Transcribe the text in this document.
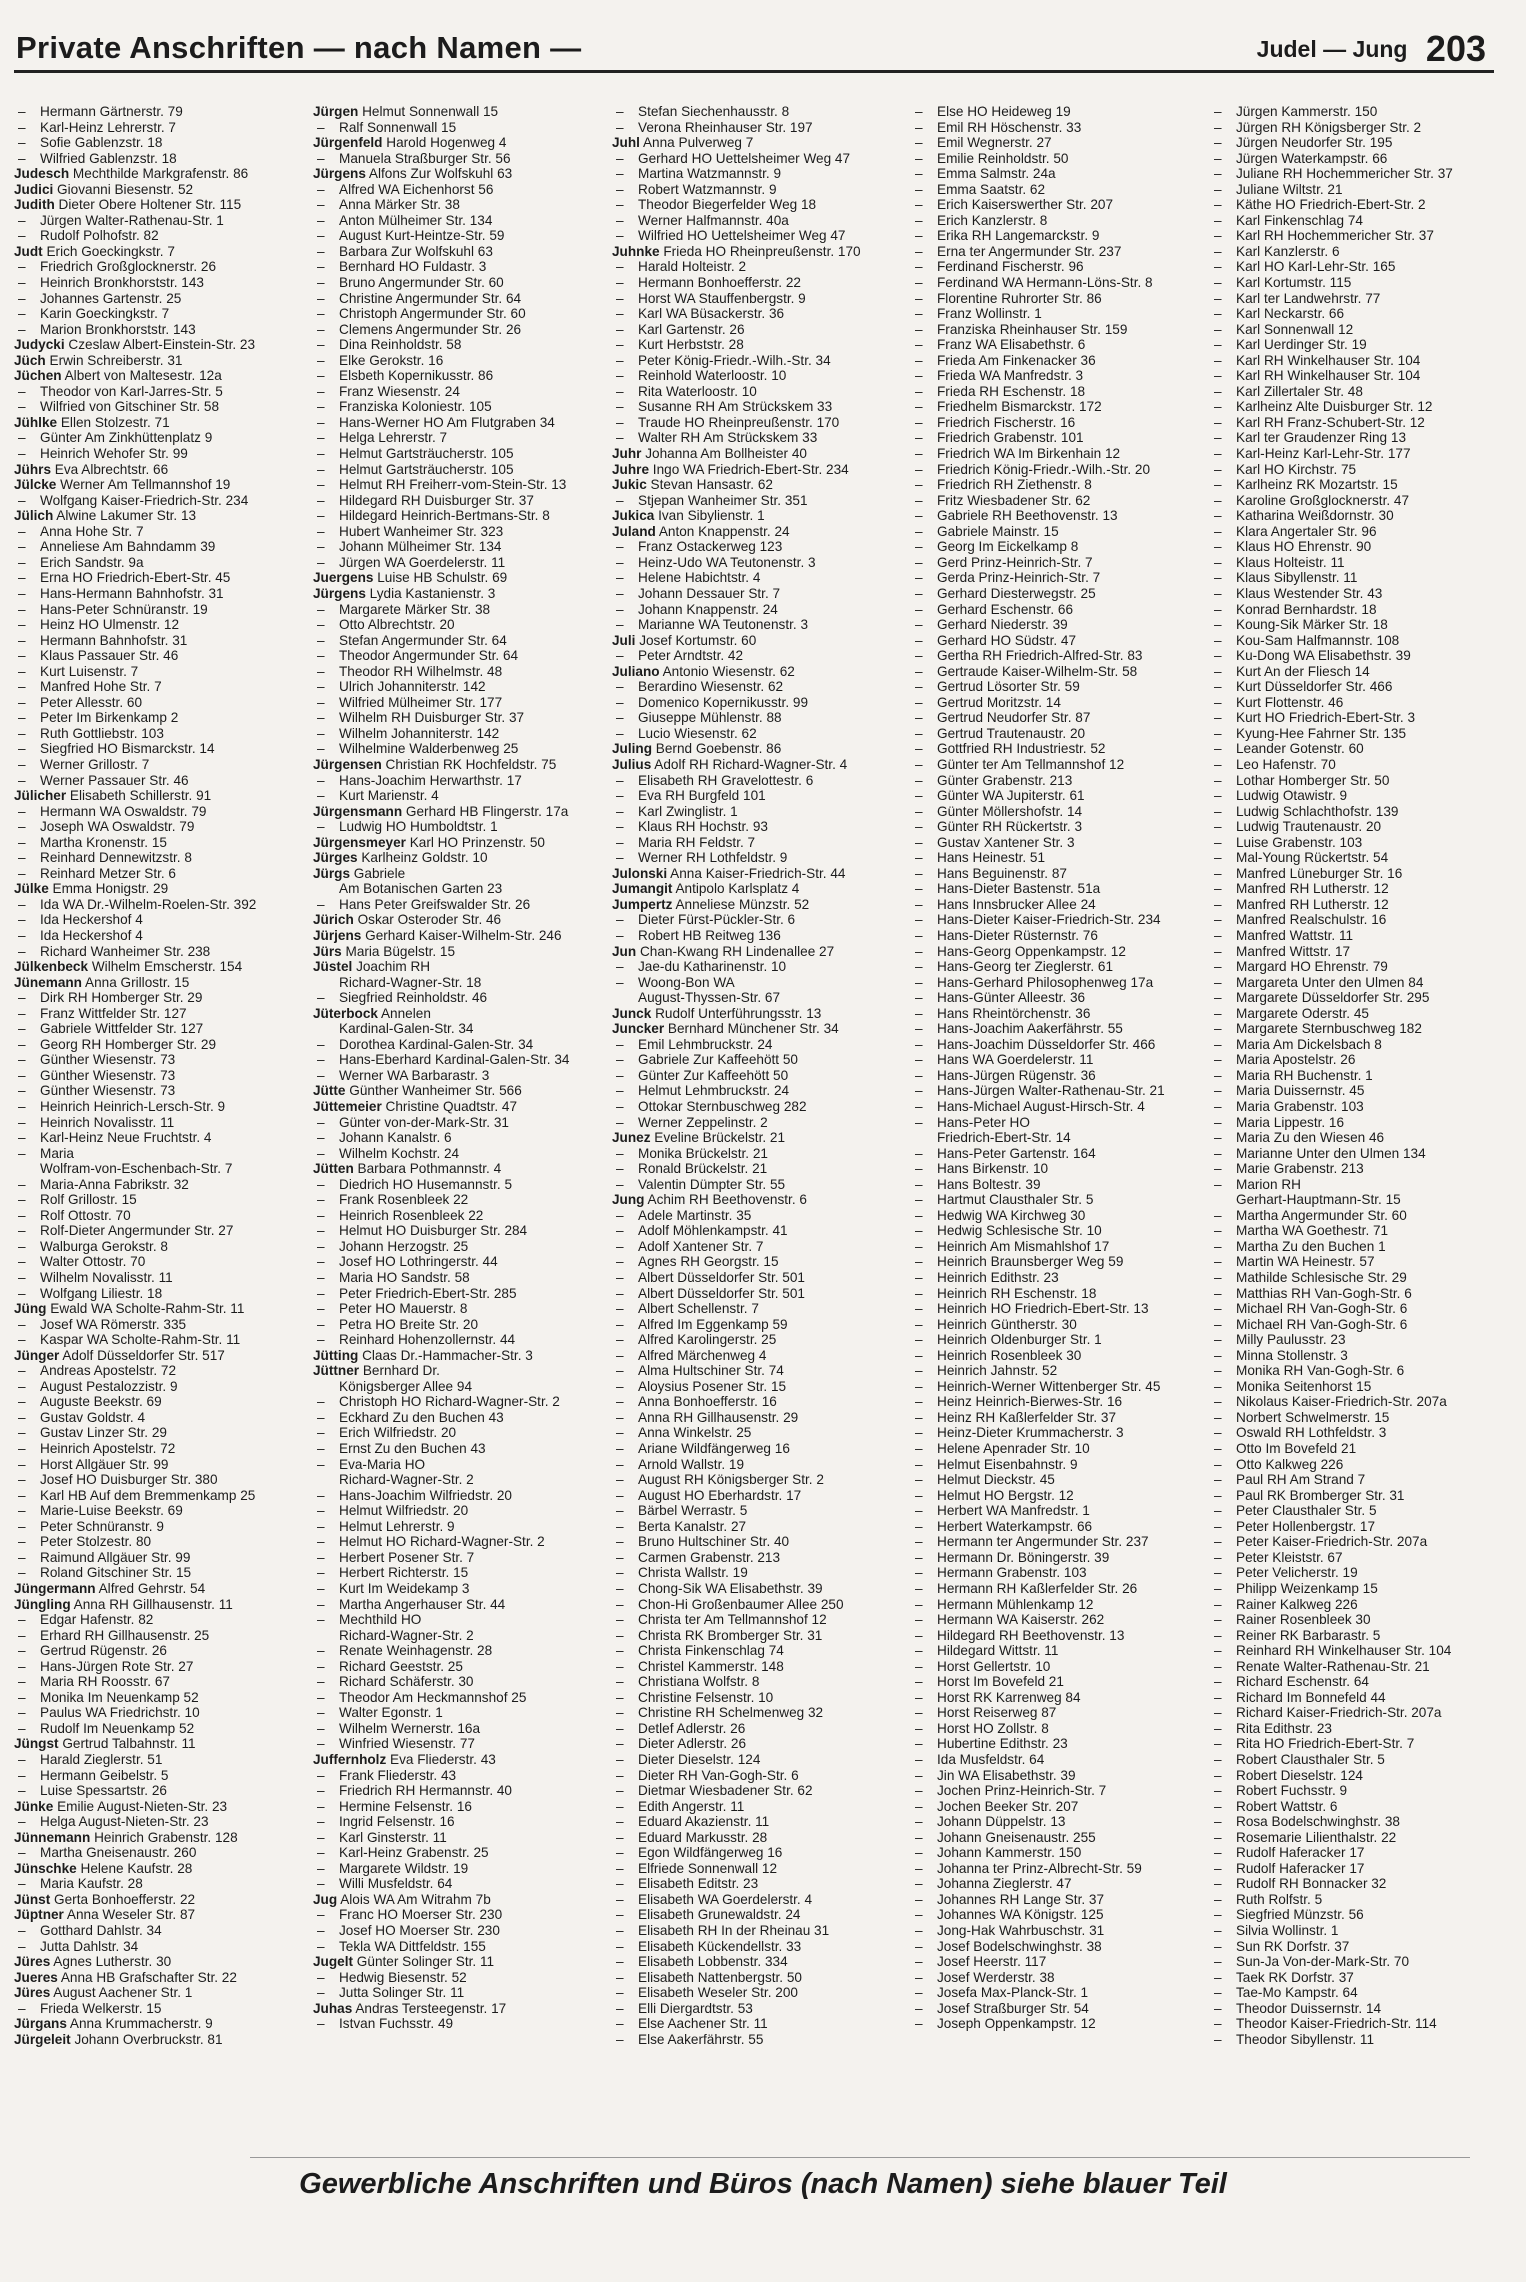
Private Anschriften — nach Namen —	Judel — Jung 203
– Hermann Gärtnerstr. 79
– Karl-Heinz Lehrerstr. 7
– Sofie Gablenzstr. 18
– Wilfried Gablenzstr. 18
Judesch Mechthilde Markgrafenstr. 86
Judici Giovanni Biesenstr. 52
Judith Dieter Obere Holtener Str. 115
– Jürgen Walter-Rathenau-Str. 1
– Rudolf Polhofstr. 82
Judt Erich Goeckingkstr. 7
– Friedrich Großglocknerstr. 26
– Heinrich Bronkhorststr. 143
– Johannes Gartenstr. 25
– Karin Goeckingkstr. 7
– Marion Bronkhorststr. 143
Judycki Czeslaw Albert-Einstein-Str. 23
Jüch Erwin Schreiberstr. 31
Jüchen Albert von Maltesestr. 12a
– Theodor von Karl-Jarres-Str. 5
– Wilfried von Gitschiner Str. 58
Jühlke Ellen Stolzestr. 71
– Günter Am Zinkhüttenplatz 9
– Heinrich Wehofer Str. 99
Jührs Eva Albrechtstr. 66
Jülcke Werner Am Tellmannshof 19
– Wolfgang Kaiser-Friedrich-Str. 234
Jülich Alwine Lakumer Str. 13
– Anna Hohe Str. 7
– Anneliese Am Bahndamm 39
– Erich Sandstr. 9a
– Erna HO Friedrich-Ebert-Str. 45
– Hans-Hermann Bahnhofstr. 31
– Hans-Peter Schnüranstr. 19
– Heinz HO Ulmenstr. 12
– Hermann Bahnhofstr. 31
– Klaus Passauer Str. 46
– Kurt Luisenstr. 7
– Manfred Hohe Str. 7
– Peter Allesstr. 60
– Peter Im Birkenkamp 2
– Ruth Gottliebstr. 103
– Siegfried HO Bismarckstr. 14
– Werner Grillostr. 7
– Werner Passauer Str. 46
Jülicher Elisabeth Schillerstr. 91
– Hermann WA Oswaldstr. 79
– Joseph WA Oswaldstr. 79
– Martha Kronenstr. 15
– Reinhard Dennewitzstr. 8
– Reinhard Metzer Str. 6
Jülke Emma Honigstr. 29
– Ida WA Dr.-Wilhelm-Roelen-Str. 392
– Ida Heckershof 4
– Ida Heckershof 4
– Richard Wanheimer Str. 238
Jülkenbeck Wilhelm Emscherstr. 154
Jünemann Anna Grillostr. 15
– Dirk RH Homberger Str. 29
– Franz Wittfelder Str. 127
– Gabriele Wittfelder Str. 127
– Georg RH Homberger Str. 29
– Günther Wiesenstr. 73
– Günther Wiesenstr. 73
– Günther Wiesenstr. 73
– Heinrich Heinrich-Lersch-Str. 9
– Heinrich Novalisstr. 11
– Karl-Heinz Neue Fruchtstr. 4
– Maria
Wolfram-von-Eschenbach-Str. 7
– Maria-Anna Fabrikstr. 32
– Rolf Grillostr. 15
– Rolf Ottostr. 70
– Rolf-Dieter Angermunder Str. 27
– Walburga Gerokstr. 8
– Walter Ottostr. 70
– Wilhelm Novalisstr. 11
– Wolfgang Liliestr. 18
Jüng Ewald WA Scholte-Rahm-Str. 11
– Josef WA Römerstr. 335
– Kaspar WA Scholte-Rahm-Str. 11
Jünger Adolf Düsseldorfer Str. 517
– Andreas Apostelstr. 72
– August Pestalozzistr. 9
– Auguste Beekstr. 69
– Gustav Goldstr. 4
– Gustav Linzer Str. 29
– Heinrich Apostelstr. 72
– Horst Allgäuer Str. 99
– Josef HO Duisburger Str. 380
– Karl HB Auf dem Bremmenkamp 25
– Marie-Luise Beekstr. 69
– Peter Schnüranstr. 9
– Peter Stolzestr. 80
– Raimund Allgäuer Str. 99
– Roland Gitschiner Str. 15
Jüngermann Alfred Gehrstr. 54
Jüngling Anna RH Gillhausenstr. 11
– Edgar Hafenstr. 82
– Erhard RH Gillhausenstr. 25
– Gertrud Rügenstr. 26
– Hans-Jürgen Rote Str. 27
– Maria RH Roosstr. 67
– Monika Im Neuenkamp 52
– Paulus WA Friedrichstr. 10
– Rudolf Im Neuenkamp 52
Jüngst Gertrud Talbahnstr. 11
– Harald Zieglerstr. 51
– Hermann Geibelstr. 5
– Luise Spessartstr. 26
Jünke Emilie August-Nieten-Str. 23
– Helga August-Nieten-Str. 23
Jünnemann Heinrich Grabenstr. 128
– Martha Gneisenaustr. 260
Jünschke Helene Kaufstr. 28
– Maria Kaufstr. 28
Jünst Gerta Bonhoefferstr. 22
Jüptner Anna Weseler Str. 87
– Gotthard Dahlstr. 34
– Jutta Dahlstr. 34
Jüres Agnes Lutherstr. 30
Jueres Anna HB Grafschafter Str. 22
Jüres August Aachener Str. 1
– Frieda Welkerstr. 15
Jürgans Anna Krummacherstr. 9
Jürgeleit Johann Overbruckstr. 81
Jürgen Helmut Sonnenwall 15
– Ralf Sonnenwall 15
Jürgenfeld Harold Hogenweg 4
– Manuela Straßburger Str. 56
Jürgens Alfons Zur Wolfskuhl 63
– Alfred WA Eichenhorst 56
– Anna Märker Str. 38
– Anton Mülheimer Str. 134
– August Kurt-Heintze-Str. 59
– Barbara Zur Wolfskuhl 63
– Bernhard HO Fuldastr. 3
– Bruno Angermunder Str. 60
– Christine Angermunder Str. 64
– Christoph Angermunder Str. 60
– Clemens Angermunder Str. 26
– Dina Reinholdstr. 58
– Elke Gerokstr. 16
– Elsbeth Kopernikusstr. 86
– Franz Wiesenstr. 24
– Franziska Koloniestr. 105
– Hans-Werner HO Am Flutgraben 34
– Helga Lehrerstr. 7
– Helmut Gartsträucherstr. 105
– Helmut Gartsträucherstr. 105
– Helmut RH Freiherr-vom-Stein-Str. 13
– Hildegard RH Duisburger Str. 37
– Hildegard Heinrich-Bertmans-Str. 8
– Hubert Wanheimer Str. 323
– Johann Mülheimer Str. 134
– Jürgen WA Goerdelerstr. 11
Juergens Luise HB Schulstr. 69
Jürgens Lydia Kastanienstr. 3
– Margarete Märker Str. 38
– Otto Albrechtstr. 20
– Stefan Angermunder Str. 64
– Theodor Angermunder Str. 64
– Theodor RH Wilhelmstr. 48
– Ulrich Johanniterstr. 142
– Wilfried Mülheimer Str. 177
– Wilhelm RH Duisburger Str. 37
– Wilhelm Johanniterstr. 142
– Wilhelmine Walderbenweg 25
Jürgensen Christian RK Hochfeldstr. 75
– Hans-Joachim Herwarthstr. 17
– Kurt Marienstr. 4
Jürgensmann Gerhard HB Flingerstr. 17a
– Ludwig HO Humboldtstr. 1
Jürgensmeyer Karl HO Prinzenstr. 50
Jürges Karlheinz Goldstr. 10
Jürgs Gabriele
Am Botanischen Garten 23
– Hans Peter Greifswalder Str. 26
Jürich Oskar Osteroder Str. 46
Jürjens Gerhard Kaiser-Wilhelm-Str. 246
Jürs Maria Bügelstr. 15
Jüstel Joachim RH
Richard-Wagner-Str. 18
– Siegfried Reinholdstr. 46
Jüterbock Annelen
Kardinal-Galen-Str. 34
– Dorothea Kardinal-Galen-Str. 34
– Hans-Eberhard Kardinal-Galen-Str. 34
– Werner WA Barbarastr. 3
Jütte Günther Wanheimer Str. 566
Jüttemeier Christine Quadtstr. 47
– Günter von-der-Mark-Str. 31
– Johann Kanalstr. 6
– Wilhelm Kochstr. 24
Jütten Barbara Pothmannstr. 4
– Diedrich HO Husemannstr. 5
– Frank Rosenbleek 22
– Heinrich Rosenbleek 22
– Helmut HO Duisburger Str. 284
– Johann Herzogstr. 25
– Josef HO Lothringerstr. 44
– Maria HO Sandstr. 58
– Peter Friedrich-Ebert-Str. 285
– Peter HO Mauerstr. 8
– Petra HO Breite Str. 20
– Reinhard Hohenzollernstr. 44
Jütting Claas Dr.-Hammacher-Str. 3
Jüttner Bernhard Dr.
Königsberger Allee 94
– Christoph HO Richard-Wagner-Str. 2
– Eckhard Zu den Buchen 43
– Erich Wilfriedstr. 20
– Ernst Zu den Buchen 43
– Eva-Maria HO
Richard-Wagner-Str. 2
– Hans-Joachim Wilfriedstr. 20
– Helmut Wilfriedstr. 20
– Helmut Lehrerstr. 9
– Helmut HO Richard-Wagner-Str. 2
– Herbert Posener Str. 7
– Herbert Richterstr. 15
– Kurt Im Weidekamp 3
– Martha Angerhauser Str. 44
– Mechthild HO
Richard-Wagner-Str. 2
– Renate Weinhagenstr. 28
– Richard Geeststr. 25
– Richard Schäferstr. 30
– Theodor Am Heckmannshof 25
– Walter Egonstr. 1
– Wilhelm Wernerstr. 16a
– Winfried Wiesenstr. 77
Juffernholz Eva Fliederstr. 43
– Frank Fliederstr. 43
– Friedrich RH Hermannstr. 40
– Hermine Felsenstr. 16
– Ingrid Felsenstr. 16
– Karl Ginsterstr. 11
– Karl-Heinz Grabenstr. 25
– Margarete Wildstr. 19
– Willi Musfeldstr. 64
Jug Alois WA Am Witrahm 7b
– Franc HO Moerser Str. 230
– Josef HO Moerser Str. 230
– Tekla WA Dittfeldstr. 155
Jugelt Günter Solinger Str. 11
– Hedwig Biesenstr. 52
– Jutta Solinger Str. 11
Juhas Andras Tersteegenstr. 17
– Istvan Fuchsstr. 49
– Stefan Siechenhausstr. 8
– Verona Rheinhauser Str. 197
Juhl Anna Pulverweg 7
– Gerhard HO Uettelsheimer Weg 47
– Martina Watzmannstr. 9
– Robert Watzmannstr. 9
– Theodor Biegerfelder Weg 18
– Werner Halfmannstr. 40a
– Wilfried HO Uettelsheimer Weg 47
Juhnke Frieda HO Rheinpreußenstr. 170
– Harald Holteistr. 2
– Hermann Bonhoefferstr. 22
– Horst WA Stauffenbergstr. 9
– Karl WA Büsackerstr. 36
– Karl Gartenstr. 26
– Kurt Herbststr. 28
– Peter König-Friedr.-Wilh.-Str. 34
– Reinhold Waterloostr. 10
– Rita Waterloostr. 10
– Susanne RH Am Strückskem 33
– Traude HO Rheinpreußenstr. 170
– Walter RH Am Strückskem 33
Juhr Johanna Am Bollheister 40
Juhre Ingo WA Friedrich-Ebert-Str. 234
Jukic Stevan Hansastr. 62
– Stjepan Wanheimer Str. 351
Jukica Ivan Sibylienstr. 1
Juland Anton Knappenstr. 24
– Franz Ostackerweg 123
– Heinz-Udo WA Teutonenstr. 3
– Helene Habichtstr. 4
– Johann Dessauer Str. 7
– Johann Knappenstr. 24
– Marianne WA Teutonenstr. 3
Juli Josef Kortumstr. 60
– Peter Arndtstr. 42
Juliano Antonio Wiesenstr. 62
– Berardino Wiesenstr. 62
– Domenico Kopernikusstr. 99
– Giuseppe Mühlenstr. 88
– Lucio Wiesenstr. 62
Juling Bernd Goebenstr. 86
Julius Adolf RH Richard-Wagner-Str. 4
– Elisabeth RH Gravelottestr. 6
– Eva RH Burgfeld 101
– Karl Zwinglistr. 1
– Klaus RH Hochstr. 93
– Maria RH Feldstr. 7
– Werner RH Lothfeldstr. 9
Julonski Anna Kaiser-Friedrich-Str. 44
Jumangit Antipolo Karlsplatz 4
Jumpertz Anneliese Münzstr. 52
– Dieter Fürst-Pückler-Str. 6
– Robert HB Reitweg 136
Jun Chan-Kwang RH Lindenallee 27
– Jae-du Katharinenstr. 10
– Woong-Bon WA
August-Thyssen-Str. 67
Junck Rudolf Unterführungsstr. 13
Juncker Bernhard Münchener Str. 34
– Emil Lehmbruckstr. 24
– Gabriele Zur Kaffeehött 50
– Günter Zur Kaffeehött 50
– Helmut Lehmbruckstr. 24
– Ottokar Sternbuschweg 282
– Werner Zeppelinstr. 2
Junez Eveline Brückelstr. 21
– Monika Brückelstr. 21
– Ronald Brückelstr. 21
– Valentin Dümpter Str. 55
Jung Achim RH Beethovenstr. 6
– Adele Martinstr. 35
– Adolf Möhlenkampstr. 41
– Adolf Xantener Str. 7
– Agnes RH Georgstr. 15
– Albert Düsseldorfer Str. 501
– Albert Düsseldorfer Str. 501
– Albert Schellenstr. 7
– Alfred Im Eggenkamp 59
– Alfred Karolingerstr. 25
– Alfred Märchenweg 4
– Alma Hultschiner Str. 74
– Aloysius Posener Str. 15
– Anna Bonhoefferstr. 16
– Anna RH Gillhausenstr. 29
– Anna Winkelstr. 25
– Ariane Wildfängerweg 16
– Arnold Wallstr. 19
– August RH Königsberger Str. 2
– August HO Eberhardstr. 17
– Bärbel Werrastr. 5
– Berta Kanalstr. 27
– Bruno Hultschiner Str. 40
– Carmen Grabenstr. 213
– Christa Wallstr. 19
– Chong-Sik WA Elisabethstr. 39
– Chon-Hi Großenbaumer Allee 250
– Christa ter Am Tellmannshof 12
– Christa RK Bromberger Str. 31
– Christa Finkenschlag 74
– Christel Kammerstr. 148
– Christiana Wolfstr. 8
– Christine Felsenstr. 10
– Christine RH Schelmenweg 32
– Detlef Adlerstr. 26
– Dieter Adlerstr. 26
– Dieter Dieselstr. 124
– Dieter RH Van-Gogh-Str. 6
– Dietmar Wiesbadener Str. 62
– Edith Angerstr. 11
– Eduard Akazienstr. 11
– Eduard Markusstr. 28
– Egon Wildfängerweg 16
– Elfriede Sonnenwall 12
– Elisabeth Editstr. 23
– Elisabeth WA Goerdelerstr. 4
– Elisabeth Grunewaldstr. 24
– Elisabeth RH In der Rheinau 31
– Elisabeth Kückendellstr. 33
– Elisabeth Lobbenstr. 334
– Elisabeth Nattenbergstr. 50
– Elisabeth Weseler Str. 200
– Elli Diergardtstr. 53
– Else Aachener Str. 11
– Else Aakerfährstr. 55
– Else HO Heideweg 19
– Emil RH Höschenstr. 33
– Emil Wegnerstr. 27
– Emilie Reinholdstr. 50
– Emma Salmstr. 24a
– Emma Saatstr. 62
– Erich Kaiserswerther Str. 207
– Erich Kanzlerstr. 8
– Erika RH Langemarckstr. 9
– Erna ter Angermunder Str. 237
– Ferdinand Fischerstr. 96
– Ferdinand WA Hermann-Löns-Str. 8
– Florentine Ruhrorter Str. 86
– Franz Wollinstr. 1
– Franziska Rheinhauser Str. 159
– Franz WA Elisabethstr. 6
– Frieda Am Finkenacker 36
– Frieda WA Manfredstr. 3
– Frieda RH Eschenstr. 18
– Friedhelm Bismarckstr. 172
– Friedrich Fischerstr. 16
– Friedrich Grabenstr. 101
– Friedrich WA Im Birkenhain 12
– Friedrich König-Friedr.-Wilh.-Str. 20
– Friedrich RH Ziethenstr. 8
– Fritz Wiesbadener Str. 62
– Gabriele RH Beethovenstr. 13
– Gabriele Mainstr. 15
– Georg Im Eickelkamp 8
– Gerd Prinz-Heinrich-Str. 7
– Gerda Prinz-Heinrich-Str. 7
– Gerhard Diesterwegstr. 25
– Gerhard Eschenstr. 66
– Gerhard Niederstr. 39
– Gerhard HO Südstr. 47
– Gertha RH Friedrich-Alfred-Str. 83
– Gertraude Kaiser-Wilhelm-Str. 58
– Gertrud Lösorter Str. 59
– Gertrud Moritzstr. 14
– Gertrud Neudorfer Str. 87
– Gertrud Trautenaustr. 20
– Gottfried RH Industriestr. 52
– Günter ter Am Tellmannshof 12
– Günter Grabenstr. 213
– Günter WA Jupiterstr. 61
– Günter Möllershofstr. 14
– Günter RH Rückertstr. 3
– Gustav Xantener Str. 3
– Hans Heinestr. 51
– Hans Beguinenstr. 87
– Hans-Dieter Bastenstr. 51a
– Hans Innsbrucker Allee 24
– Hans-Dieter Kaiser-Friedrich-Str. 234
– Hans-Dieter Rüsternstr. 76
– Hans-Georg Oppenkampstr. 12
– Hans-Georg ter Zieglerstr. 61
– Hans-Gerhard Philosophenweg 17a
– Hans-Günter Alleestr. 36
– Hans Rheintörchenstr. 36
– Hans-Joachim Aakerfährstr. 55
– Hans-Joachim Düsseldorfer Str. 466
– Hans WA Goerdelerstr. 11
– Hans-Jürgen Rügenstr. 36
– Hans-Jürgen Walter-Rathenau-Str. 21
– Hans-Michael August-Hirsch-Str. 4
– Hans-Peter HO
Friedrich-Ebert-Str. 14
– Hans-Peter Gartenstr. 164
– Hans Birkenstr. 10
– Hans Boltestr. 39
– Hartmut Clausthaler Str. 5
– Hedwig WA Kirchweg 30
– Hedwig Schlesische Str. 10
– Heinrich Am Mismahlshof 17
– Heinrich Braunsberger Weg 59
– Heinrich Edithstr. 23
– Heinrich RH Eschenstr. 18
– Heinrich HO Friedrich-Ebert-Str. 13
– Heinrich Güntherstr. 30
– Heinrich Oldenburger Str. 1
– Heinrich Rosenbleek 30
– Heinrich Jahnstr. 52
– Heinrich-Werner Wittenberger Str. 45
– Heinz Heinrich-Bierwes-Str. 16
– Heinz RH Kaßlerfelder Str. 37
– Heinz-Dieter Krummacherstr. 3
– Helene Apenrader Str. 10
– Helmut Eisenbahnstr. 9
– Helmut Dieckstr. 45
– Helmut HO Bergstr. 12
– Herbert WA Manfredstr. 1
– Herbert Waterkampstr. 66
– Hermann ter Angermunder Str. 237
– Hermann Dr. Böningerstr. 39
– Hermann Grabenstr. 103
– Hermann RH Kaßlerfelder Str. 26
– Hermann Mühlenkamp 12
– Hermann WA Kaiserstr. 262
– Hildegard RH Beethovenstr. 13
– Hildegard Wittstr. 11
– Horst Gellertstr. 10
– Horst Im Bovefeld 21
– Horst RK Karrenweg 84
– Horst Reiserweg 87
– Horst HO Zollstr. 8
– Hubertine Edithstr. 23
– Ida Musfeldstr. 64
– Jin WA Elisabethstr. 39
– Jochen Prinz-Heinrich-Str. 7
– Jochen Beeker Str. 207
– Johann Düppelstr. 13
– Johann Gneisenaustr. 255
– Johann Kammerstr. 150
– Johanna ter Prinz-Albrecht-Str. 59
– Johanna Zieglerstr. 47
– Johannes RH Lange Str. 37
– Johannes WA Königstr. 125
– Jong-Hak Wahrbuschstr. 31
– Josef Bodelschwinghstr. 38
– Josef Heerstr. 117
– Josef Werderstr. 38
– Josefa Max-Planck-Str. 1
– Josef Straßburger Str. 54
– Joseph Oppenkampstr. 12
– Jürgen Kammerstr. 150
– Jürgen RH Königsberger Str. 2
– Jürgen Neudorfer Str. 195
– Jürgen Waterkampstr. 66
– Juliane RH Hochemmericher Str. 37
– Juliane Wiltstr. 21
– Käthe HO Friedrich-Ebert-Str. 2
– Karl Finkenschlag 74
– Karl RH Hochemmericher Str. 37
– Karl Kanzlerstr. 6
– Karl HO Karl-Lehr-Str. 165
– Karl Kortumstr. 115
– Karl ter Landwehrstr. 77
– Karl Neckarstr. 66
– Karl Sonnenwall 12
– Karl Uerdinger Str. 19
– Karl RH Winkelhauser Str. 104
– Karl RH Winkelhauser Str. 104
– Karl Zillertaler Str. 48
– Karlheinz Alte Duisburger Str. 12
– Karl RH Franz-Schubert-Str. 12
– Karl ter Graudenzer Ring 13
– Karl-Heinz Karl-Lehr-Str. 177
– Karl HO Kirchstr. 75
– Karlheinz RK Mozartstr. 15
– Karoline Großglocknerstr. 47
– Katharina Weißdornstr. 30
– Klara Angertaler Str. 96
– Klaus HO Ehrenstr. 90
– Klaus Holteistr. 11
– Klaus Sibyllenstr. 11
– Klaus Westender Str. 43
– Konrad Bernhardstr. 18
– Koung-Sik Märker Str. 18
– Kou-Sam Halfmannstr. 108
– Ku-Dong WA Elisabethstr. 39
– Kurt An der Fliesch 14
– Kurt Düsseldorfer Str. 466
– Kurt Flottenstr. 46
– Kurt HO Friedrich-Ebert-Str. 3
– Kyung-Hee Fahrner Str. 135
– Leander Gotenstr. 60
– Leo Hafenstr. 70
– Lothar Homberger Str. 50
– Ludwig Otawistr. 9
– Ludwig Schlachthofstr. 139
– Ludwig Trautenaustr. 20
– Luise Grabenstr. 103
– Mal-Young Rückertstr. 54
– Manfred Lüneburger Str. 16
– Manfred RH Lutherstr. 12
– Manfred RH Lutherstr. 12
– Manfred Realschulstr. 16
– Manfred Wattstr. 11
– Manfred Wittstr. 17
– Margard HO Ehrenstr. 79
– Margareta Unter den Ulmen 84
– Margarete Düsseldorfer Str. 295
– Margarete Oderstr. 45
– Margarete Sternbuschweg 182
– Maria Am Dickelsbach 8
– Maria Apostelstr. 26
– Maria RH Buchenstr. 1
– Maria Duissernstr. 45
– Maria Grabenstr. 103
– Maria Lippestr. 16
– Maria Zu den Wiesen 46
– Marianne Unter den Ulmen 134
– Marie Grabenstr. 213
– Marion RH
Gerhart-Hauptmann-Str. 15
– Martha Angermunder Str. 60
– Martha WA Goethestr. 71
– Martha Zu den Buchen 1
– Martin WA Heinestr. 57
– Mathilde Schlesische Str. 29
– Matthias RH Van-Gogh-Str. 6
– Michael RH Van-Gogh-Str. 6
– Michael RH Van-Gogh-Str. 6
– Milly Paulusstr. 23
– Minna Stollenstr. 3
– Monika RH Van-Gogh-Str. 6
– Monika Seitenhorst 15
– Nikolaus Kaiser-Friedrich-Str. 207a
– Norbert Schwelmerstr. 15
– Oswald RH Lothfeldstr. 3
– Otto Im Bovefeld 21
– Otto Kalkweg 226
– Paul RH Am Strand 7
– Paul RK Bromberger Str. 31
– Peter Clausthaler Str. 5
– Peter Hollenbergstr. 17
– Peter Kaiser-Friedrich-Str. 207a
– Peter Kleiststr. 67
– Peter Velicherstr. 19
– Philipp Weizenkamp 15
– Rainer Kalkweg 226
– Rainer Rosenbleek 30
– Reiner RK Barbarastr. 5
– Reinhard RH Winkelhauser Str. 104
– Renate Walter-Rathenau-Str. 21
– Richard Eschenstr. 64
– Richard Im Bonnefeld 44
– Richard Kaiser-Friedrich-Str. 207a
– Rita Edithstr. 23
– Rita HO Friedrich-Ebert-Str. 7
– Robert Clausthaler Str. 5
– Robert Dieselstr. 124
– Robert Fuchsstr. 9
– Robert Wattstr. 6
– Rosa Bodelschwinghstr. 38
– Rosemarie Lilienthalstr. 22
– Rudolf Haferacker 17
– Rudolf Haferacker 17
– Rudolf RH Bonnacker 32
– Ruth Rolfstr. 5
– Siegfried Münzstr. 56
– Silvia Wollinstr. 1
– Sun RK Dorfstr. 37
– Sun-Ja Von-der-Mark-Str. 70
– Taek RK Dorfstr. 37
– Tae-Mo Kampstr. 64
– Theodor Duissernstr. 14
– Theodor Kaiser-Friedrich-Str. 114
– Theodor Sibyllenstr. 11
Gewerbliche Anschriften und Büros (nach Namen) siehe blauer Teil
